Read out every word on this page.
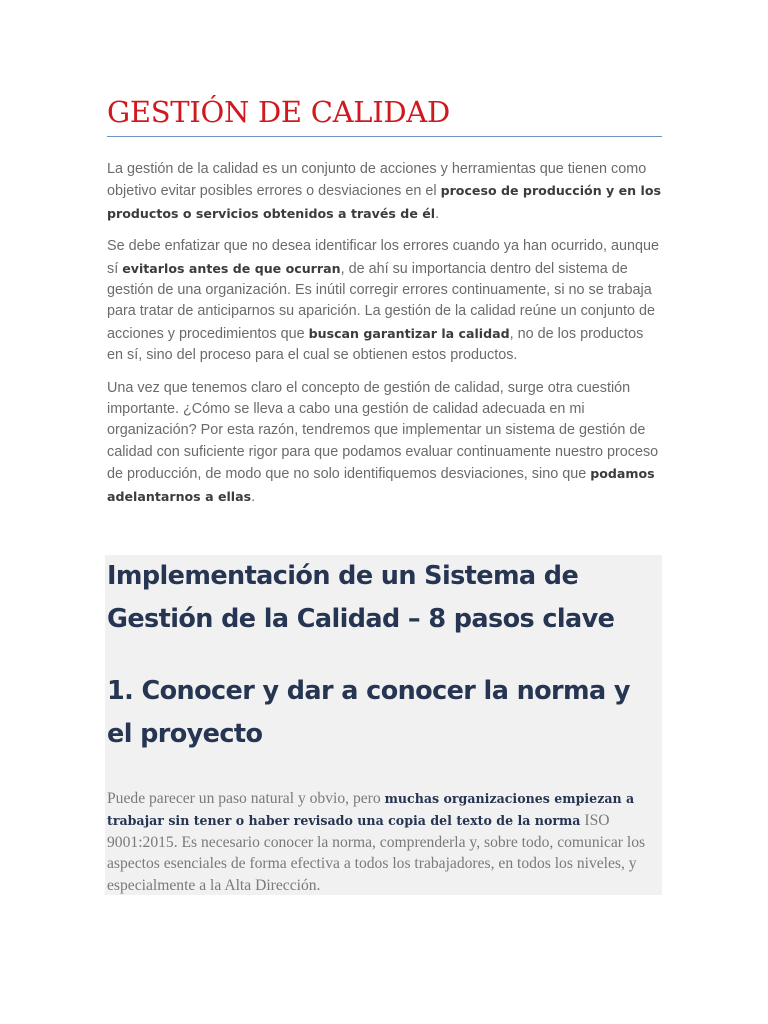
GESTIÓN DE CALIDAD

La gestión de la calidad es un conjunto de acciones y herramientas que tienen como objetivo evitar posibles errores o desviaciones en el proceso de producción y en los productos o servicios obtenidos a través de él.

Se debe enfatizar que no desea identificar los errores cuando ya han ocurrido, aunque sí evitarlos antes de que ocurran, de ahí su importancia dentro del sistema de gestión de una organización. Es inútil corregir errores continuamente, si no se trabaja para tratar de anticiparnos su aparición. La gestión de la calidad reúne un conjunto de acciones y procedimientos que buscan garantizar la calidad, no de los productos en sí, sino del proceso para el cual se obtienen estos productos.

Una vez que tenemos claro el concepto de gestión de calidad, surge otra cuestión importante. ¿Cómo se lleva a cabo una gestión de calidad adecuada en mi organización? Por esta razón, tendremos que implementar un sistema de gestión de calidad con suficiente rigor para que podamos evaluar continuamente nuestro proceso de producción, de modo que no solo identifiquemos desviaciones, sino que podamos adelantarnos a ellas.

Implementación de un Sistema de Gestión de la Calidad – 8 pasos clave
1. Conocer y dar a conocer la norma y el proyecto

Puede parecer un paso natural y obvio, pero muchas organizaciones empiezan a trabajar sin tener o haber revisado una copia del texto de la norma ISO 9001:2015. Es necesario conocer la norma, comprenderla y, sobre todo, comunicar los aspectos esenciales de forma efectiva a todos los trabajadores, en todos los niveles, y especialmente a la Alta Dirección.
